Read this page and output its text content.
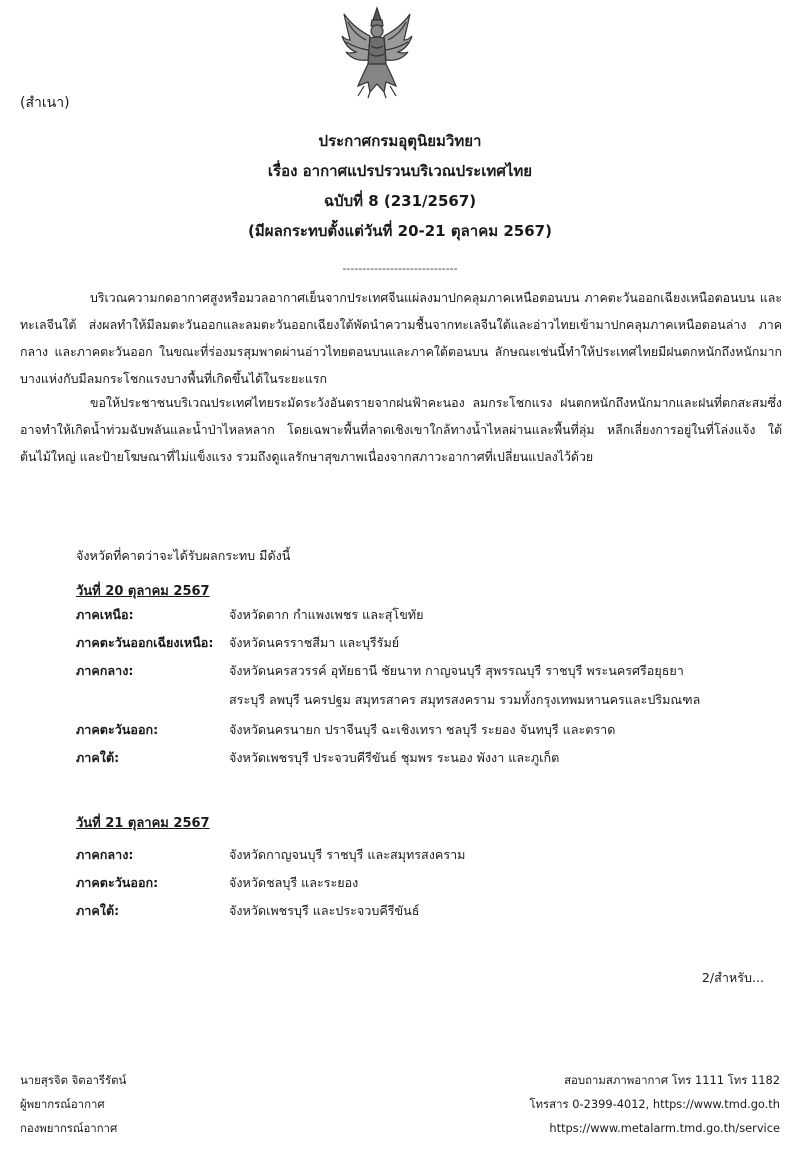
(สำเนา)
ประกาศกรมอุตุนิยมวิทยา
เรื่อง อากาศแปรปรวนบริเวณประเทศไทย
ฉบับที่ 8 (231/2567)
(มีผลกระทบตั้งแต่วันที่ 20-21 ตุลาคม 2567)
-----------------------------
บริเวณความกดอากาศสูงหรือมวลอากาศเย็นจากประเทศจีนแผ่ลงมาปกคลุมภาคเหนือตอนบน ภาคตะวันออกเฉียงเหนือตอนบน และทะเลจีนใต้ ส่งผลทำให้มีลมตะวันออกและลมตะวันออกเฉียงใต้พัดนำความชื้นจากทะเลจีนใต้และอ่าวไทยเข้ามาปกคลุมภาคเหนือตอนล่าง ภาคกลาง และภาคตะวันออก ในขณะที่ร่องมรสุมพาดผ่านอ่าวไทยตอนบนและภาคใต้ตอนบน ลักษณะเช่นนี้ทำให้ประเทศไทยมีฝนตกหนักถึงหนักมากบางแห่งกับมีลมกระโชกแรงบางพื้นที่เกิดขึ้นได้ในระยะแรก
ขอให้ประชาชนบริเวณประเทศไทยระมัดระวังอันตรายจากฝนฟ้าคะนอง ลมกระโชกแรง ฝนตกหนักถึงหนักมากและฝนที่ตกสะสมซึ่งอาจทำให้เกิดน้ำท่วมฉับพลันและน้ำป่าไหลหลาก โดยเฉพาะพื้นที่ลาดเชิงเขาใกล้ทางน้ำไหลผ่านและพื้นที่ลุ่ม หลีกเลี่ยงการอยู่ในที่โล่งแจ้ง ใต้ต้นไม้ใหญ่ และป้ายโฆษณาที่ไม่แข็งแรง รวมถึงดูแลรักษาสุขภาพเนื่องจากสภาวะอากาศที่เปลี่ยนแปลงไว้ด้วย
จังหวัดที่คาดว่าจะได้รับผลกระทบ มีดังนี้
วันที่ 20 ตุลาคม 2567
ภาคเหนือ:	จังหวัดตาก กำแพงเพชร และสุโขทัย
ภาคตะวันออกเฉียงเหนือ: จังหวัดนครราชสีมา และบุรีรัมย์
ภาคกลาง:	จังหวัดนครสวรรค์ อุทัยธานี ชัยนาท กาญจนบุรี สุพรรณบุรี ราชบุรี พระนครศรีอยุธยา
สระบุรี ลพบุรี นครปฐม สมุทรสาคร สมุทรสงคราม รวมทั้งกรุงเทพมหานครและปริมณฑล
ภาคตะวันออก:	จังหวัดนครนายก ปราจีนบุรี ฉะเชิงเทรา ชลบุรี ระยอง จันทบุรี และตราด
ภาคใต้:	จังหวัดเพชรบุรี ประจวบคีรีขันธ์ ชุมพร ระนอง พังงา และภูเก็ต
วันที่ 21 ตุลาคม 2567
ภาคกลาง:	จังหวัดกาญจนบุรี ราชบุรี และสมุทรสงคราม
ภาคตะวันออก:	จังหวัดชลบุรี และระยอง
ภาคใต้:	จังหวัดเพชรบุรี และประจวบคีรีขันธ์
2/สำหรับ...
นายสุรจิต จิตอารีรัตน์
ผู้พยากรณ์อากาศ
กองพยากรณ์อากาศ
สอบถามสภาพอากาศ โทร 1111 โทร 1182
โทรสาร 0-2399-4012, https://www.tmd.go.th
https://www.metalarm.tmd.go.th/service
